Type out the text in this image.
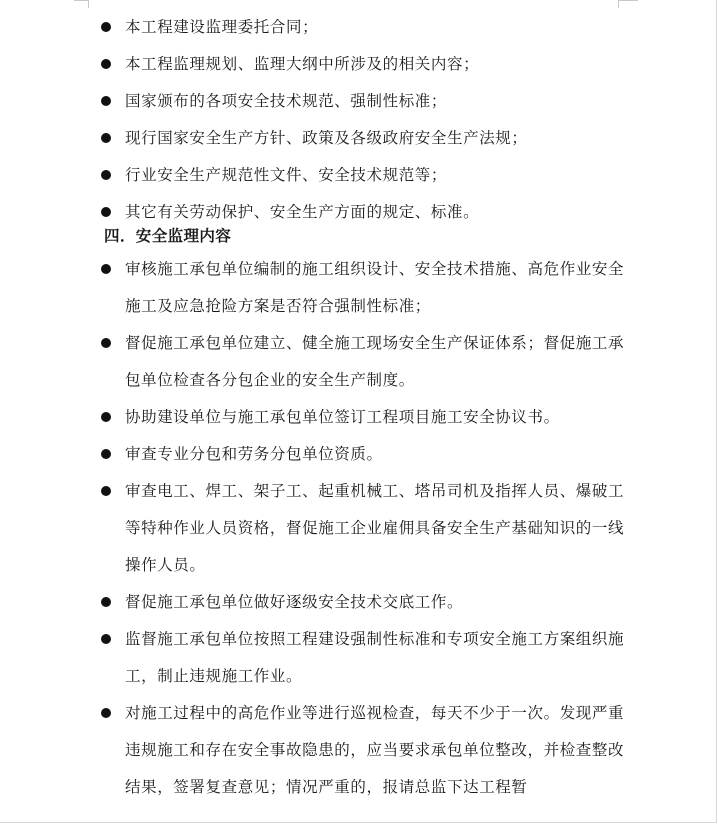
本工程建设监理委托合同；
本工程监理规划、监理大纲中所涉及的相关内容；
国家颁布的各项安全技术规范、强制性标准；
现行国家安全生产方针、政策及各级政府安全生产法规；
行业安全生产规范性文件、安全技术规范等；
其它有关劳动保护、安全生产方面的规定、标准。
四．安全监理内容
审核施工承包单位编制的施工组织设计、安全技术措施、高危作业安全施工及应急抢险方案是否符合强制性标准；
督促施工承包单位建立、健全施工现场安全生产保证体系；督促施工承包单位检查各分包企业的安全生产制度。
协助建设单位与施工承包单位签订工程项目施工安全协议书。
审查专业分包和劳务分包单位资质。
审查电工、焊工、架子工、起重机械工、塔吊司机及指挥人员、爆破工等特种作业人员资格，督促施工企业雇佣具备安全生产基础知识的一线操作人员。
督促施工承包单位做好逐级安全技术交底工作。
监督施工承包单位按照工程建设强制性标准和专项安全施工方案组织施工，制止违规施工作业。
对施工过程中的高危作业等进行巡视检查，每天不少于一次。发现严重违规施工和存在安全事故隐患的，应当要求承包单位整改，并检查整改结果，签署复查意见；情况严重的，报请总监下达工程暂
